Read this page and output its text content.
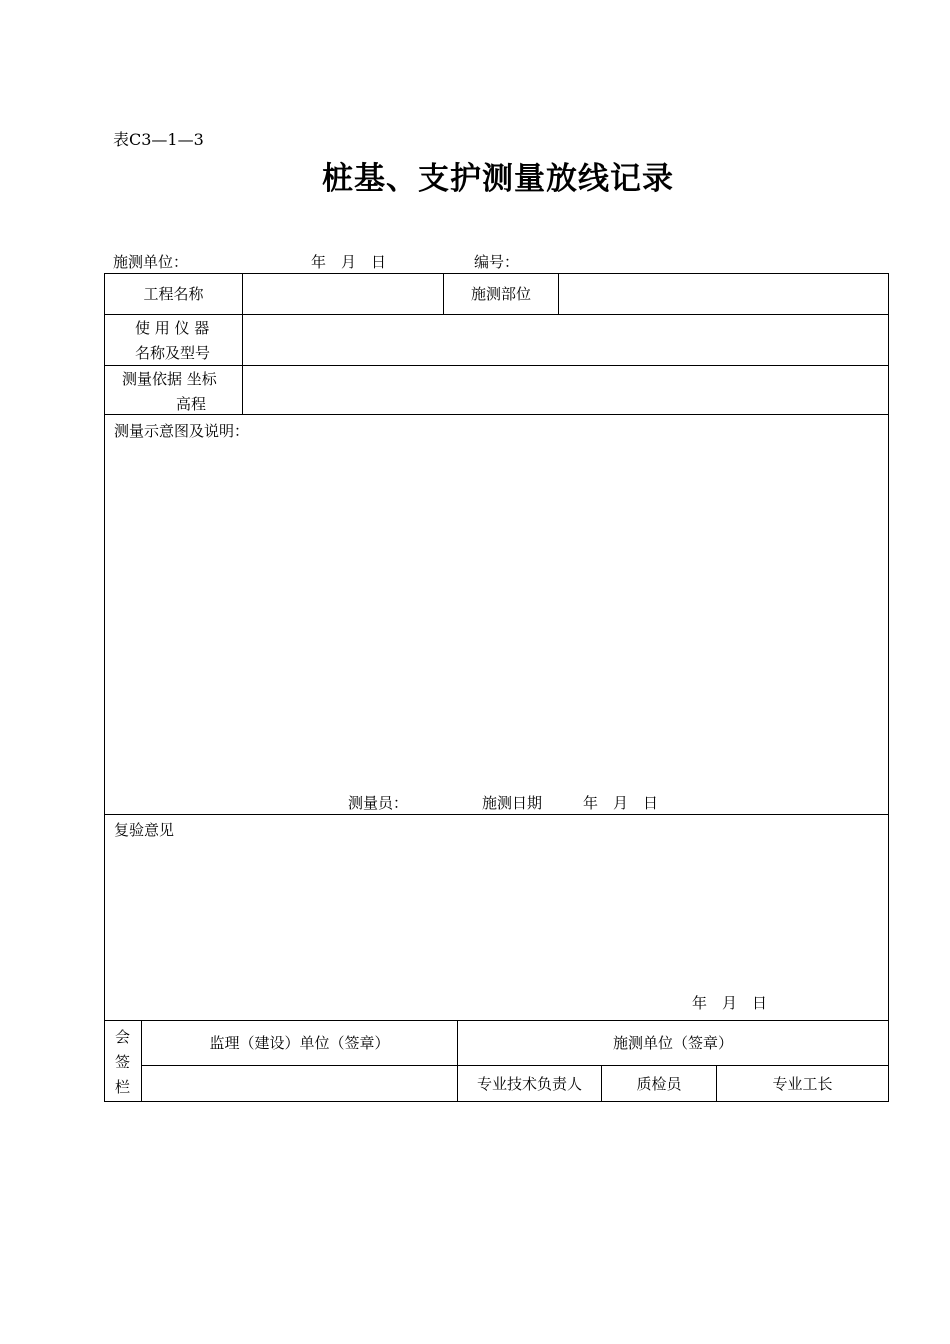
表C3—1—3
桩基、支护测量放线记录
施测单位：	年　月　日	编号：
工程名称	施测部位
使 用 仪 器
名称及型号
测量依据 坐标
高程
测量示意图及说明：
测量员：	施测日期	年　月　日
复验意见
年　月　日
会
签
栏
监理（建设）单位（签章）	施测单位（签章）
专业技术负责人	质检员	专业工长
